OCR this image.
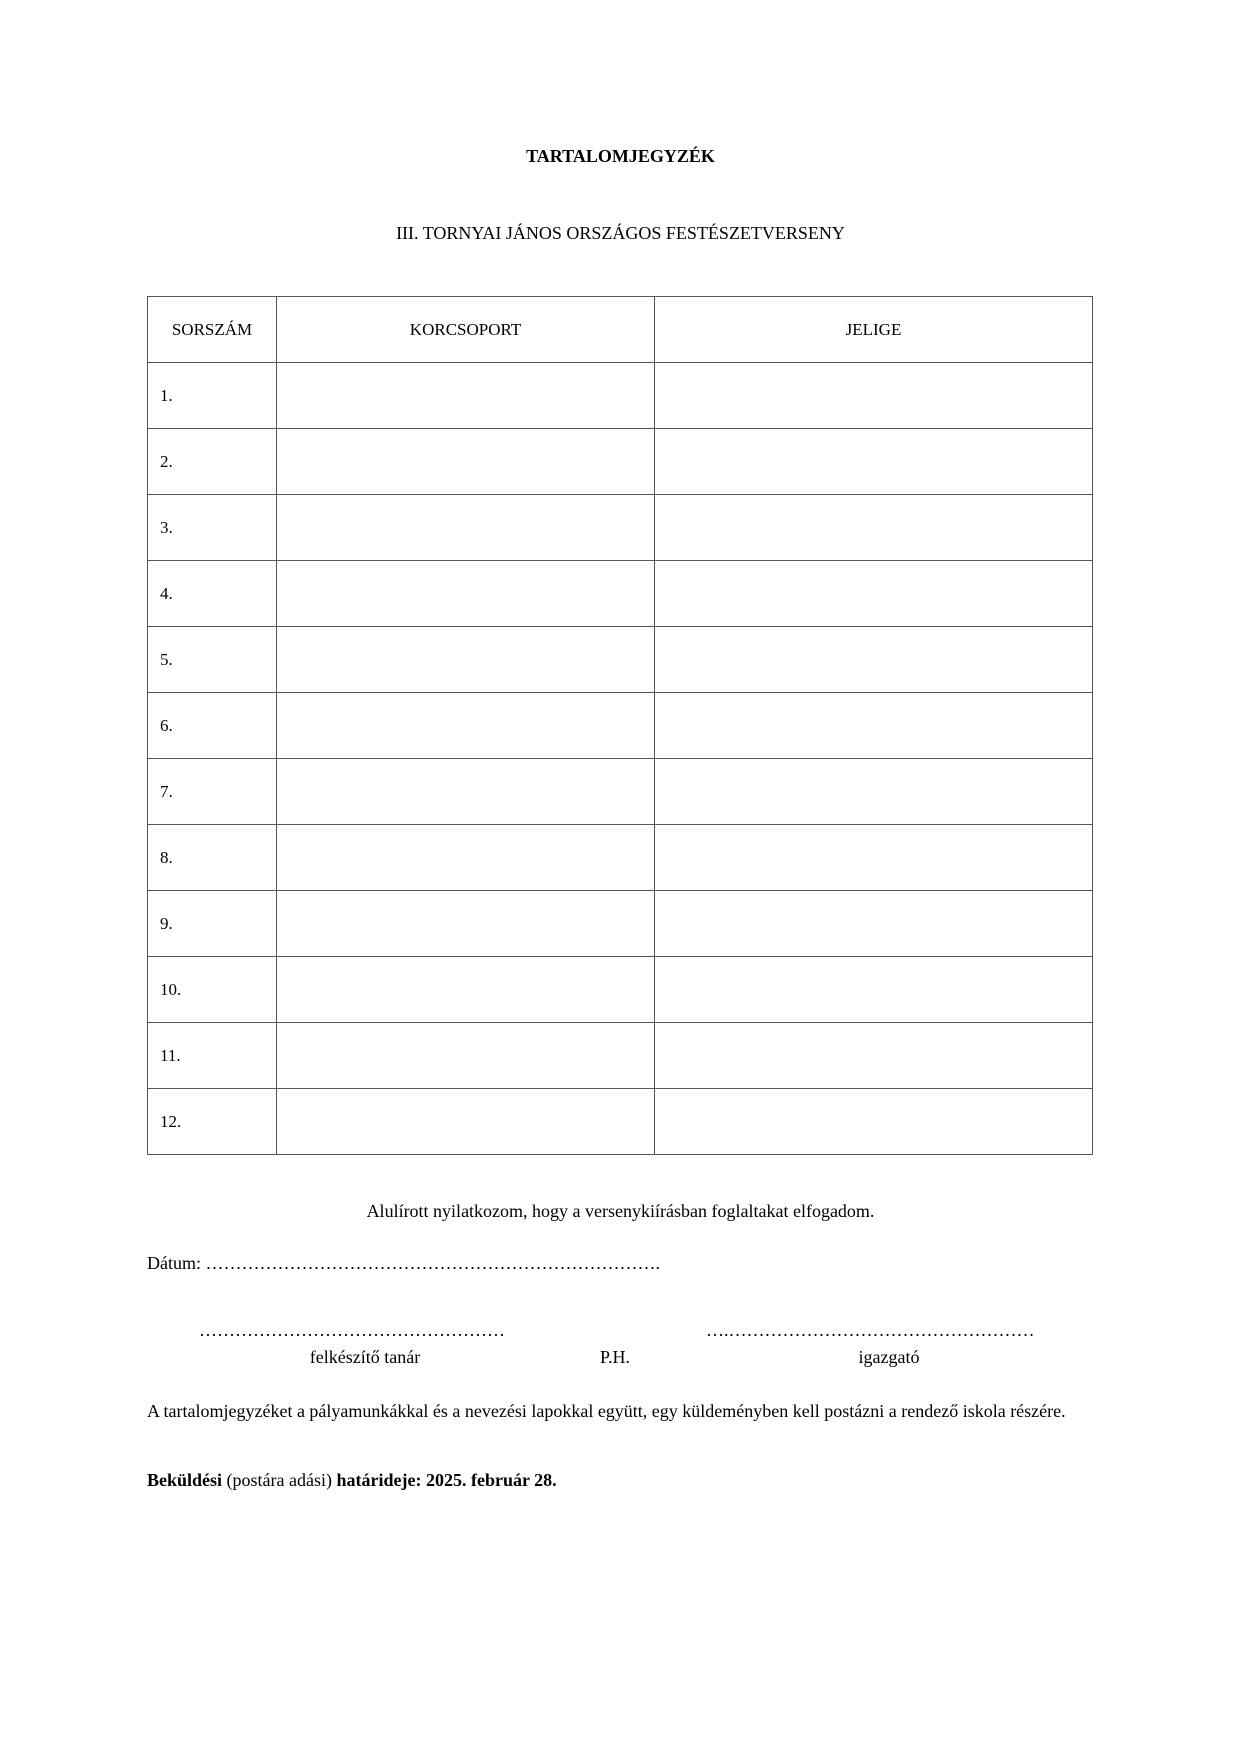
TARTALOMJEGYZÉK
III. TORNYAI JÁNOS ORSZÁGOS FESTÉSZETVERSENY
SORSZÁM	KORCSOPORT	JELIGE
1.		
2.		
3.		
4.		
5.		
6.		
7.		
8.		
9.		
10.		
11.		
12.		
Alulírott nyilatkozom, hogy a versenykiírásban foglaltakat elfogadom.
Dátum: ………………………………………………………………….
……………………………………………	….……………………………………………
felkészítő tanár	P.H.	igazgató
A tartalomjegyzéket a pályamunkákkal és a nevezési lapokkal együtt, egy küldeményben kell postázni a rendező iskola részére.
Beküldési (postára adási) határideje: 2025. február 28.
